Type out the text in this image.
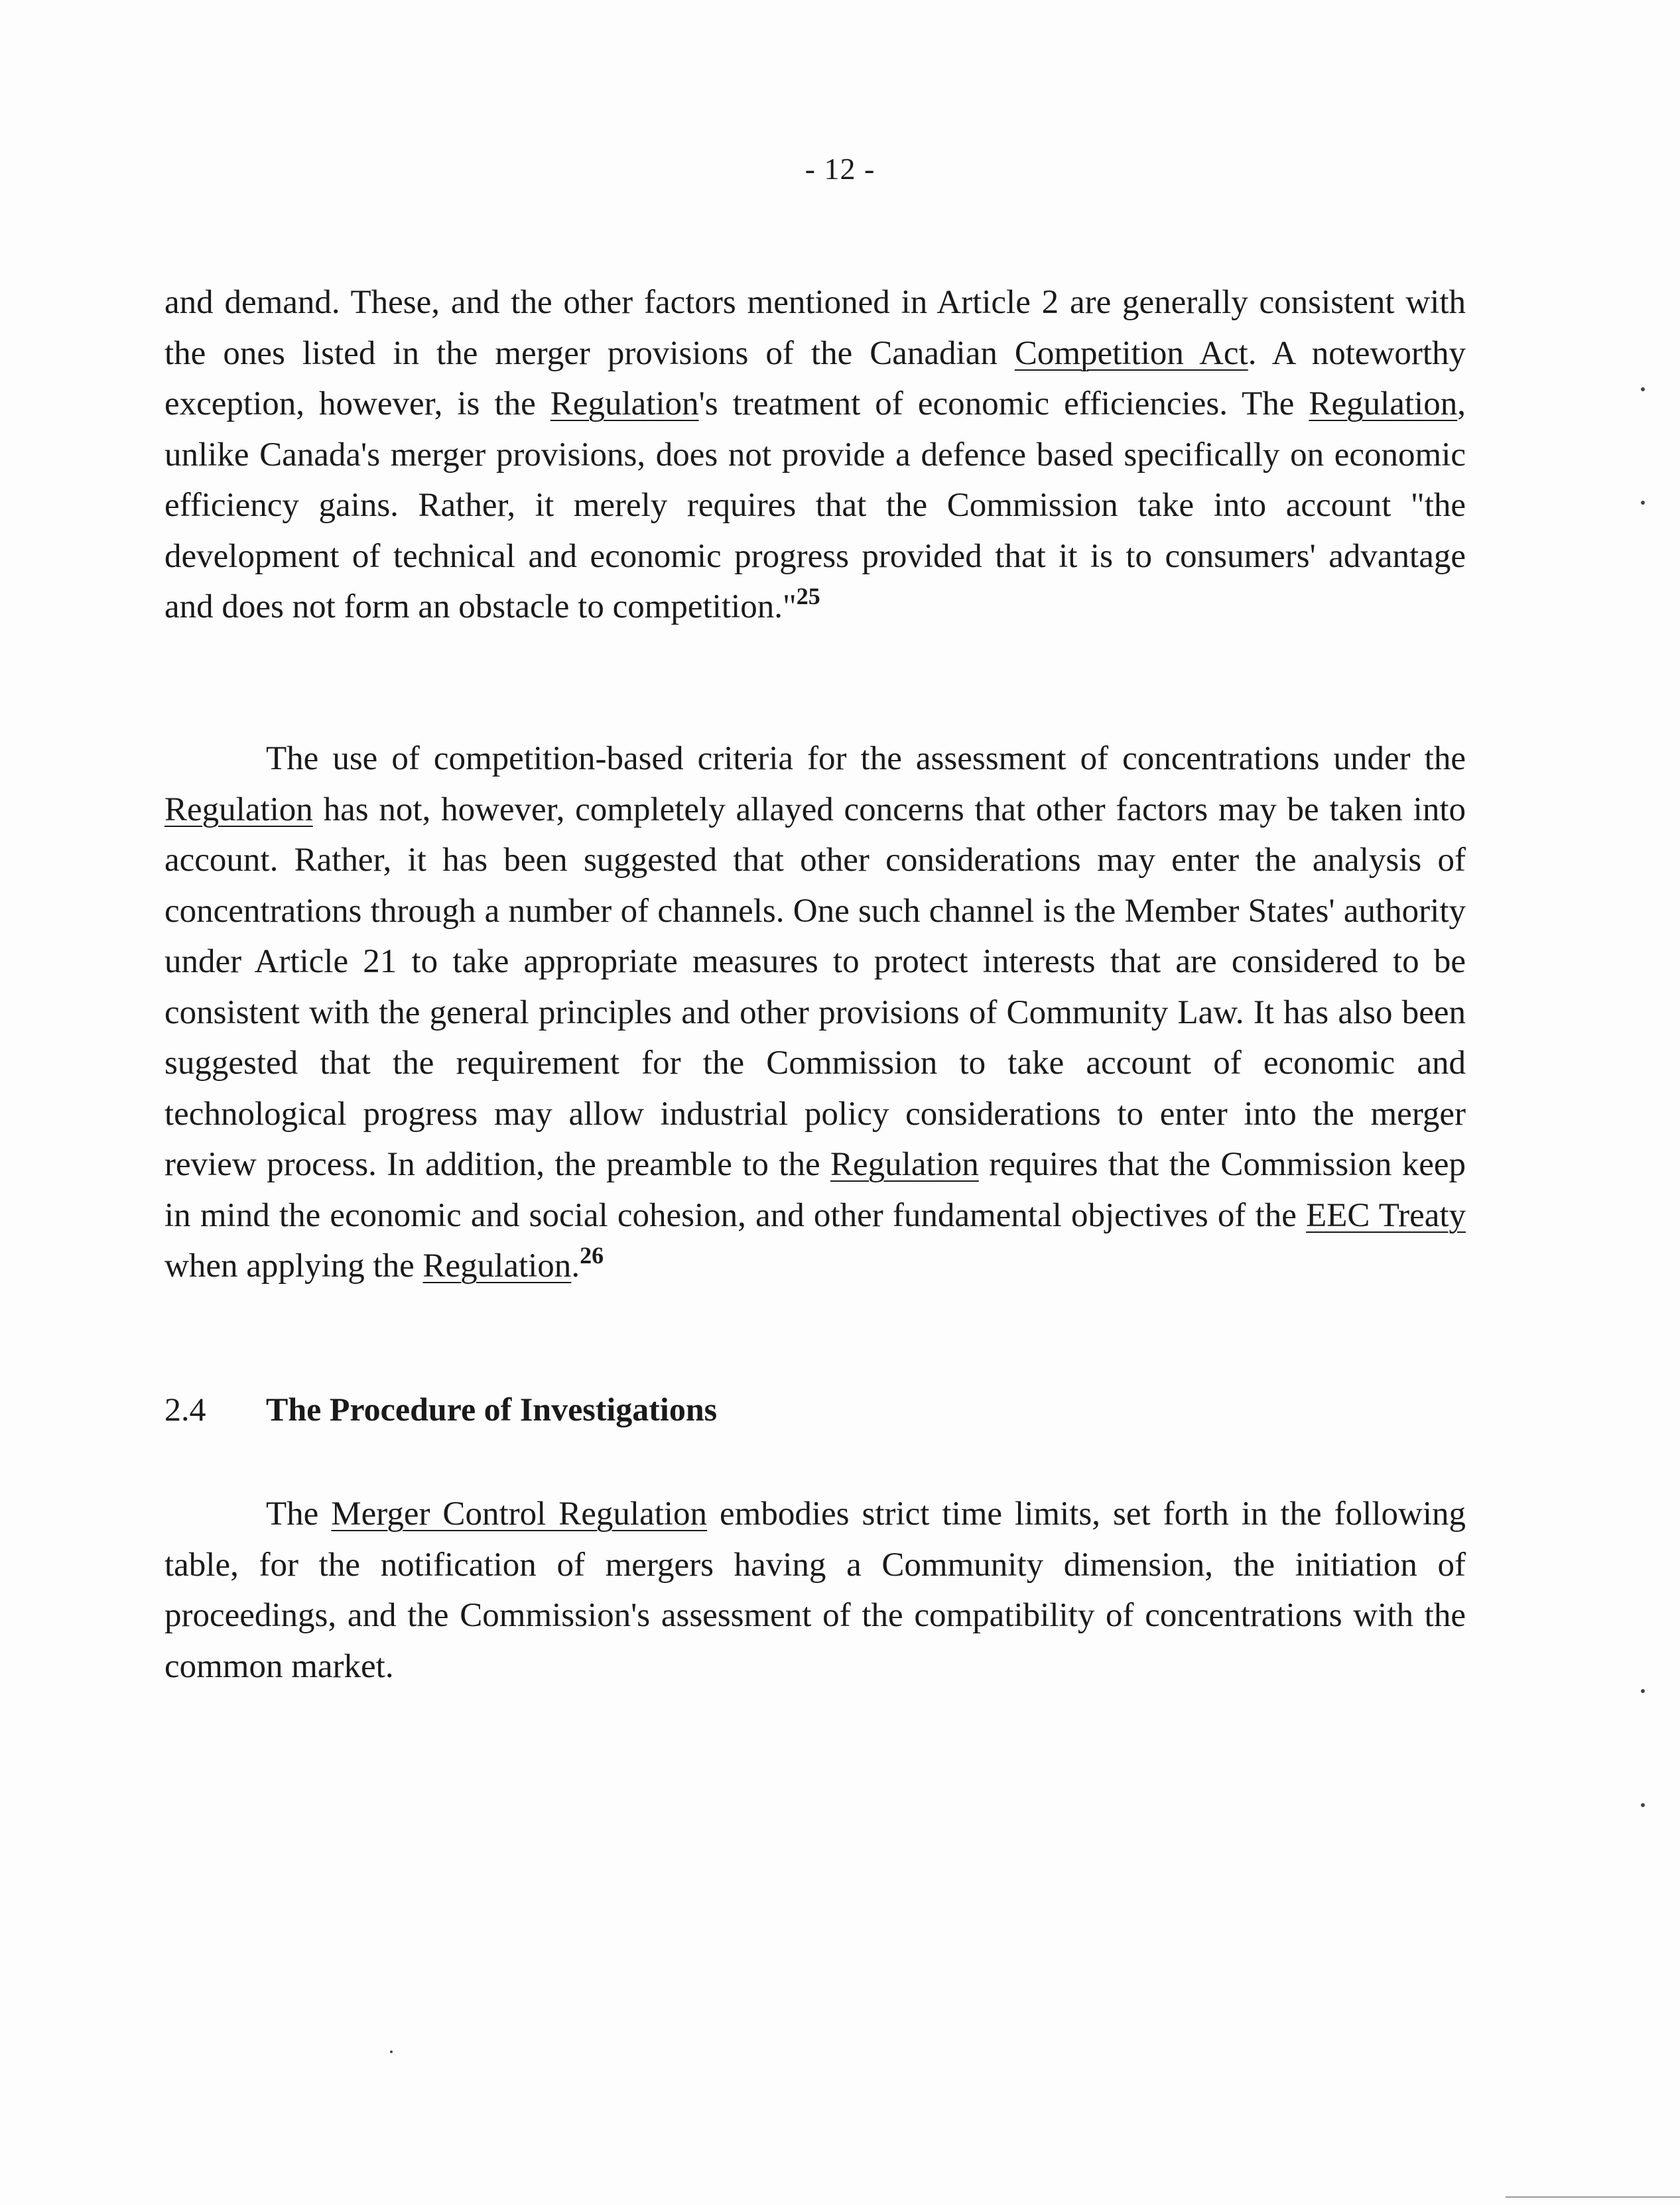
- 12 -

and demand. These, and the other factors mentioned in Article 2 are generally consistent with the ones listed in the merger provisions of the Canadian Competition Act. A noteworthy exception, however, is the Regulation's treatment of economic efficiencies. The Regulation, unlike Canada's merger provisions, does not provide a defence based specifically on economic efficiency gains. Rather, it merely requires that the Commission take into account "the development of technical and economic progress provided that it is to consumers' advantage and does not form an obstacle to competition."$^{25}$

The use of competition-based criteria for the assessment of concentrations under the Regulation has not, however, completely allayed concerns that other factors may be taken into account. Rather, it has been suggested that other considerations may enter the analysis of concentrations through a number of channels. One such channel is the Member States' authority under Article 21 to take appropriate measures to protect interests that are considered to be consistent with the general principles and other provisions of Community Law. It has also been suggested that the requirement for the Commission to take account of economic and technological progress may allow industrial policy considerations to enter into the merger review process. In addition, the preamble to the Regulation requires that the Commission keep in mind the economic and social cohesion, and other fundamental objectives of the EEC Treaty when applying the Regulation.$^{26}$

2.4 The Procedure of Investigations

The Merger Control Regulation embodies strict time limits, set forth in the following table, for the notification of mergers having a Community dimension, the initiation of proceedings, and the Commission's assessment of the compatibility of concentrations with the common market.
